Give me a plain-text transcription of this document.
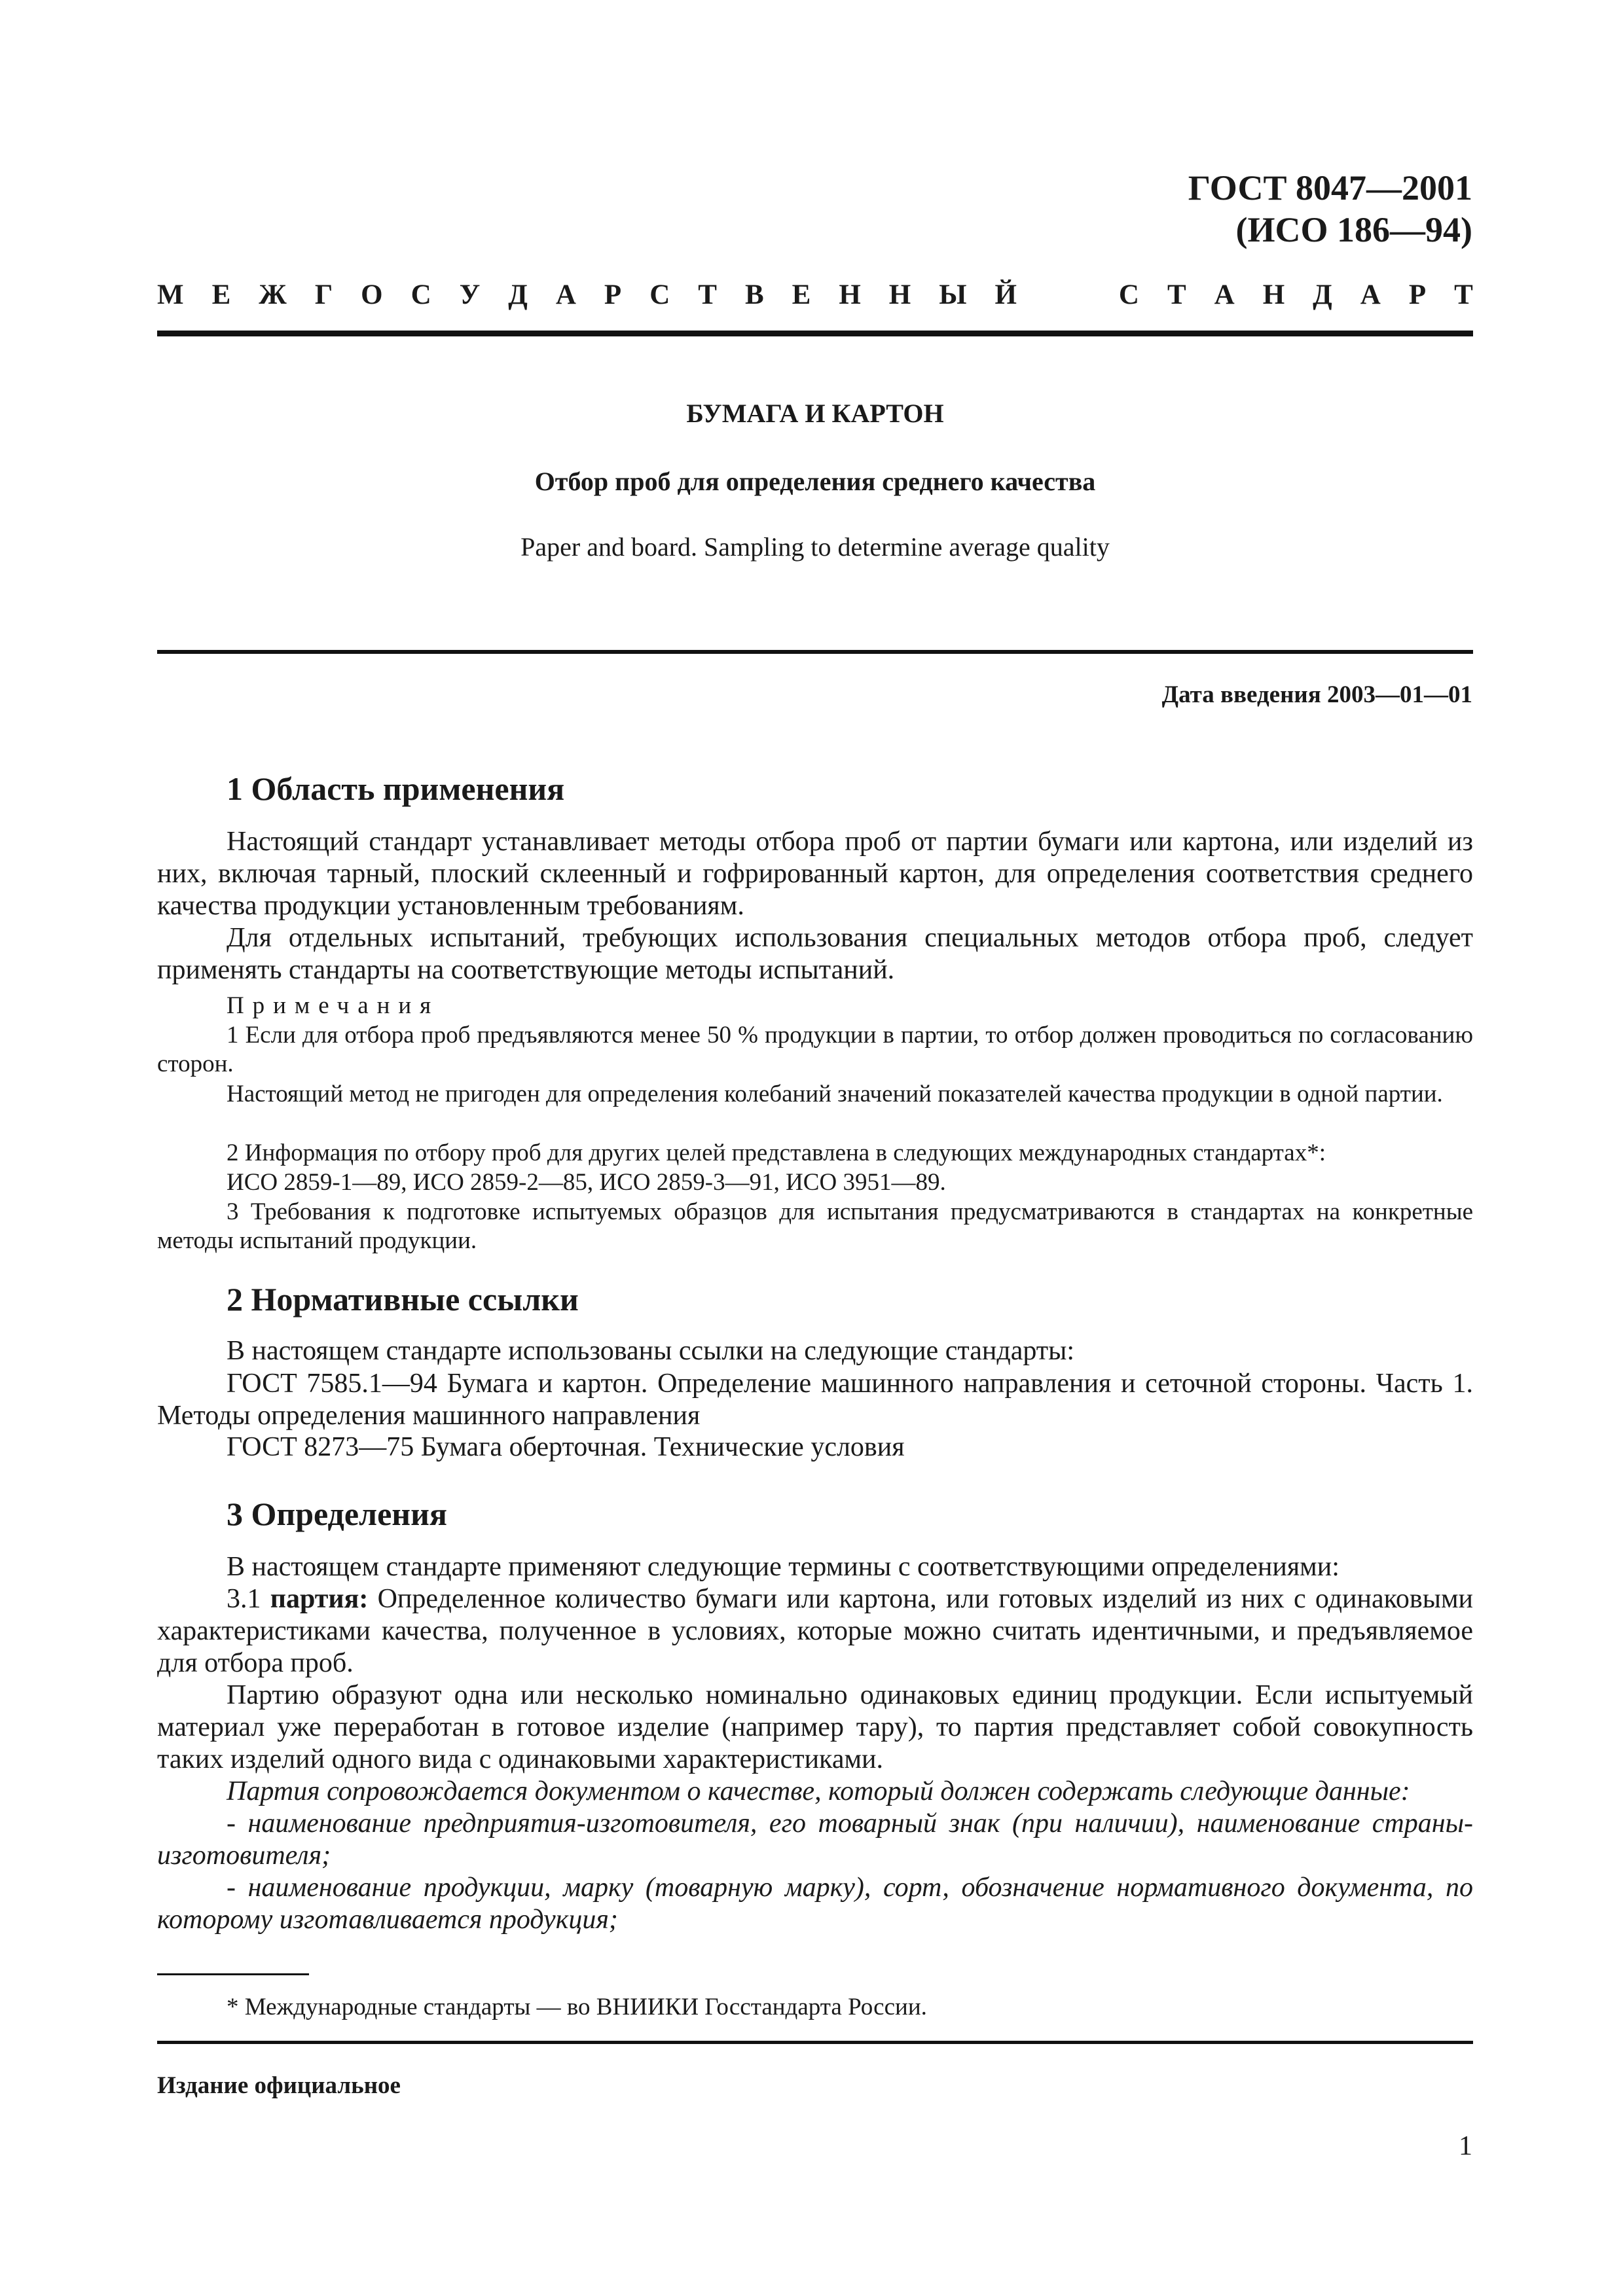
ГОСТ 8047—2001
(ИСО 186—94)
М Е Ж Г О С У Д А Р С Т В Е Н Н Ы Й	С Т А Н Д А Р Т
БУМАГА И КАРТОН
Отбор проб для определения среднего качества
Paper and board. Sampling to determine average quality
Дата введения 2003—01—01
1 Область применения

Настоящий стандарт устанавливает методы отбора проб от партии бумаги или картона, или изделий из них, включая тарный, плоский склеенный и гофрированный картон, для определения соответствия среднего качества продукции установленным требованиям.

Для отдельных испытаний, требующих использования специальных методов отбора проб, следует применять стандарты на соответствующие методы испытаний.

Примечания

1 Если для отбора проб предъявляются менее 50 % продукции в партии, то отбор должен проводиться по согласованию сторон.

Настоящий метод не пригоден для определения колебаний значений показателей качества продукции в одной партии.

2 Информация по отбору проб для других целей представлена в следующих международных стандартах*:

ИСО 2859-1—89, ИСО 2859-2—85, ИСО 2859-3—91, ИСО 3951—89.

3 Требования к подготовке испытуемых образцов для испытания предусматриваются в стандартах на конкретные методы испытаний продукции.

2 Нормативные ссылки

В настоящем стандарте использованы ссылки на следующие стандарты:

ГОСТ 7585.1—94 Бумага и картон. Определение машинного направления и сеточной стороны. Часть 1. Методы определения машинного направления

ГОСТ 8273—75 Бумага оберточная. Технические условия

3 Определения

В настоящем стандарте применяют следующие термины с соответствующими определениями:

3.1 партия: Определенное количество бумаги или картона, или готовых изделий из них с одинаковыми характеристиками качества, полученное в условиях, которые можно считать идентичными, и предъявляемое для отбора проб.

Партию образуют одна или несколько номинально одинаковых единиц продукции. Если испытуемый материал уже переработан в готовое изделие (например тару), то партия представляет собой совокупность таких изделий одного вида с одинаковыми характеристиками.

Партия сопровождается документом о качестве, который должен содержать следующие данные:

- наименование предприятия-изготовителя, его товарный знак (при наличии), наименование страны-изготовителя;

- наименование продукции, марку (товарную марку), сорт, обозначение нормативного документа, по которому изготавливается продукция;

* Международные стандарты — во ВНИИКИ Госстандарта России.
Издание официальное
1
